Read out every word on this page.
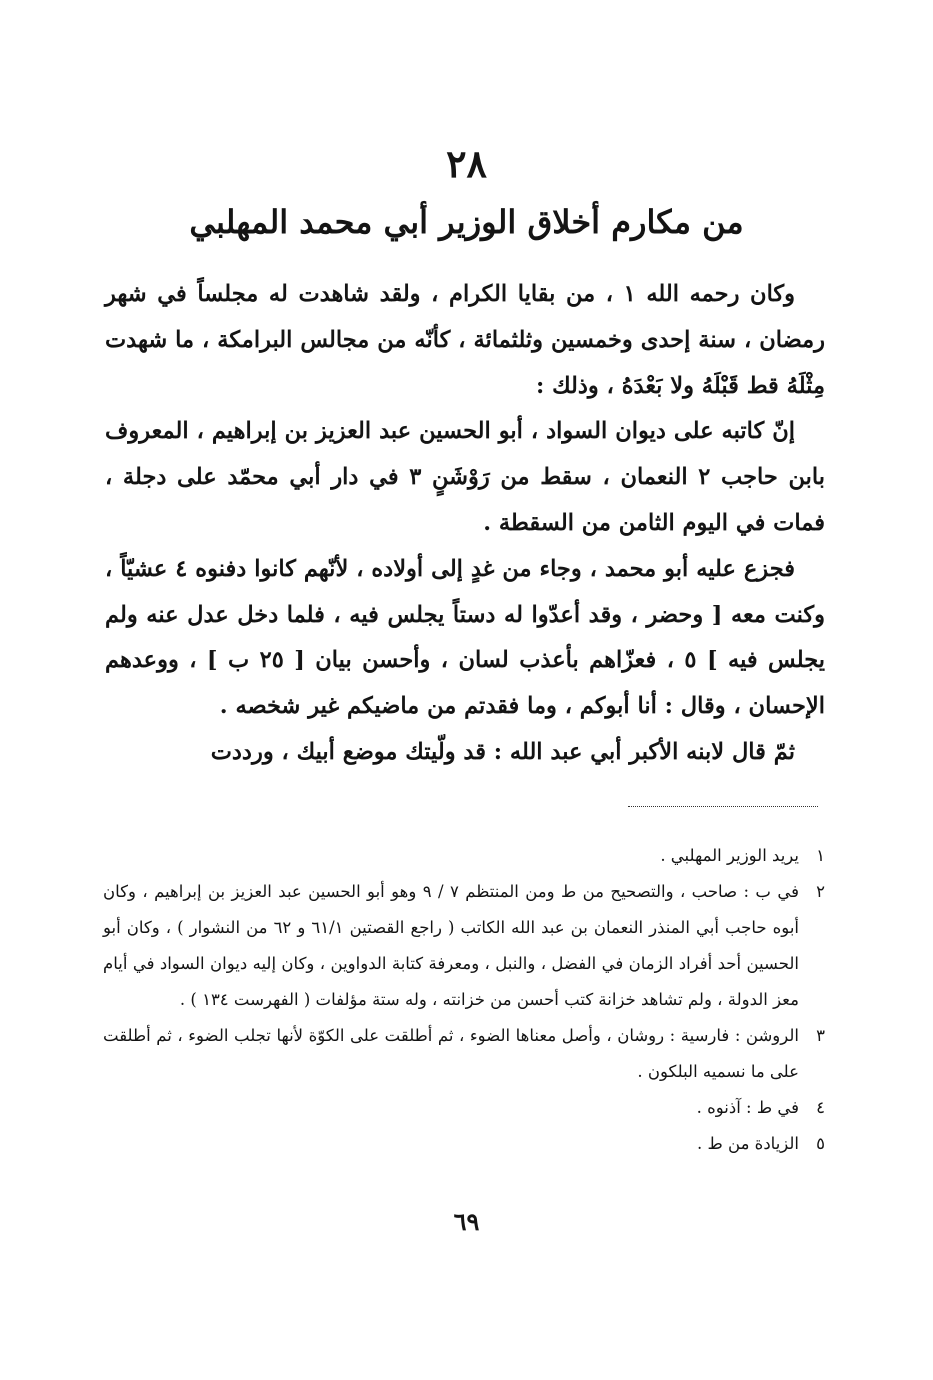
٢٨
من مكارم أخلاق الوزير أبي محمد المهلبي

وكان رحمه الله ١ ، من بقايا الكرام ، ولقد شاهدت له مجلساً في شهر رمضان ، سنة إحدى وخمسين وثلثمائة ، كأنّه من مجالس البرامكة ، ما شهدت مِثْلَهُ قط قَبْلَهُ ولا بَعْدَهُ ، وذلك :

إنّ كاتبه على ديوان السواد ، أبو الحسين عبد العزيز بن إبراهيم ، المعروف بابن حاجب ٢ النعمان ، سقط من رَوْشَنٍ ٣ في دار أبي محمّد على دجلة ، فمات في اليوم الثامن من السقطة .

فجزع عليه أبو محمد ، وجاء من غدٍ إلى أولاده ، لأنّهم كانوا دفنوه ٤ عشيّاً ، وكنت معه [ وحضر ، وقد أعدّوا له دستاً يجلس فيه ، فلما دخل عدل عنه ولم يجلس فيه ] ٥ ، فعزّاهم بأعذب لسان ، وأحسن بيان [ ٢٥ ب ] ، ووعدهم الإحسان ، وقال : أنا أبوكم ، وما فقدتم من ماضيكم غير شخصه .

ثمّ قال لابنه الأكبر أبي عبد الله : قد ولّيتك موضع أبيك ، ورددت

١
يريد الوزير المهلبي .
٢
في ب : صاحب ، والتصحيح من ط ومن المنتظم ٧ / ٩ وهو أبو الحسين عبد العزيز بن إبراهيم ، وكان أبوه حاجب أبي المنذر النعمان بن عبد الله الكاتب ( راجع القصتين ٦١/١ و ٦٢ من النشوار ) ، وكان أبو الحسين أحد أفراد الزمان في الفضل ، والنبل ، ومعرفة كتابة الدواوين ، وكان إليه ديوان السواد في أيام معز الدولة ، ولم تشاهد خزانة كتب أحسن من خزانته ، وله ستة مؤلفات ( الفهرست ١٣٤ ) .
٣
الروشن : فارسية : روشان ، وأصل معناها الضوء ، ثم أطلقت على الكوّة لأنها تجلب الضوء ، ثم أطلقت على ما نسميه البلكون .
٤
في ط : آذنوه .
٥
الزيادة من ط .
٦٩
